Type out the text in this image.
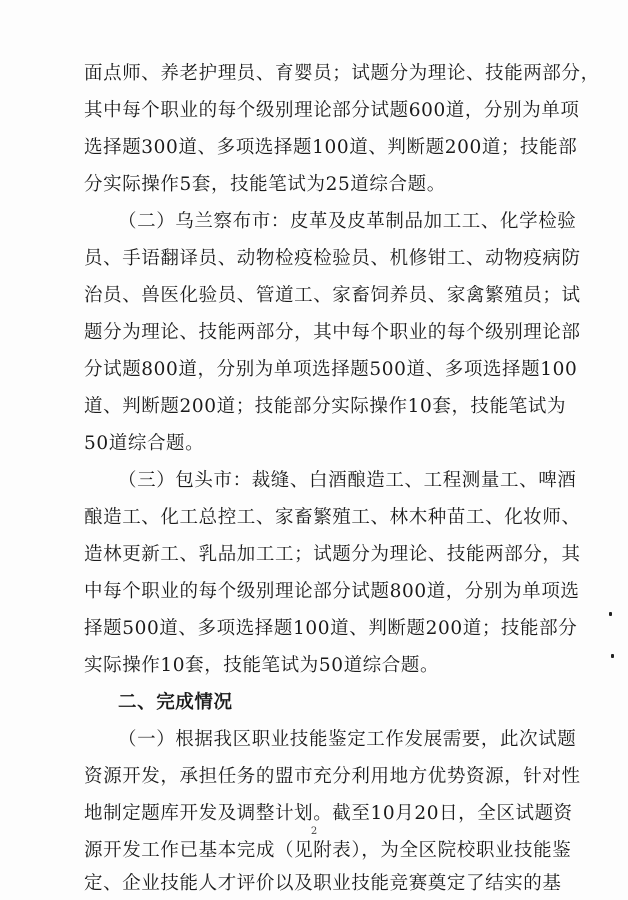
面点师、养老护理员、育婴员；试题分为理论、技能两部分，
其中每个职业的每个级别理论部分试题600道，分别为单项
选择题300道、多项选择题100道、判断题200道；技能部
分实际操作5套，技能笔试为25道综合题。
（二）乌兰察布市：皮革及皮革制品加工工、化学检验
员、手语翻译员、动物检疫检验员、机修钳工、动物疫病防
治员、兽医化验员、管道工、家畜饲养员、家禽繁殖员；试
题分为理论、技能两部分，其中每个职业的每个级别理论部
分试题800道，分别为单项选择题500道、多项选择题100
道、判断题200道；技能部分实际操作10套，技能笔试为
50道综合题。
（三）包头市：裁缝、白酒酿造工、工程测量工、啤酒
酿造工、化工总控工、家畜繁殖工、林木种苗工、化妆师、
造林更新工、乳品加工工；试题分为理论、技能两部分，其
中每个职业的每个级别理论部分试题800道，分别为单项选
择题500道、多项选择题100道、判断题200道；技能部分
实际操作10套，技能笔试为50道综合题。
二、完成情况
（一）根据我区职业技能鉴定工作发展需要，此次试题
资源开发，承担任务的盟市充分利用地方优势资源，针对性
地制定题库开发及调整计划。截至10月20日，全区试题资
源开发工作已基本完成（见附表），为全区院校职业技能鉴
定、企业技能人才评价以及职业技能竞赛奠定了结实的基
2
